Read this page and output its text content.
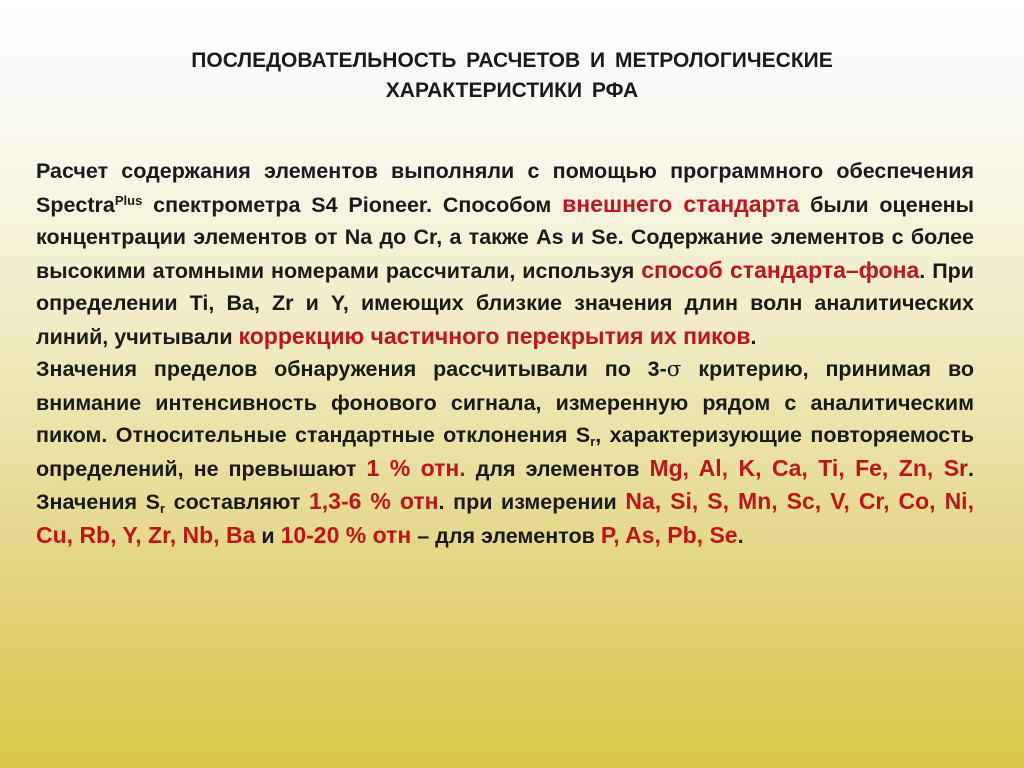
ПОСЛЕДОВАТЕЛЬНОСТЬ РАСЧЕТОВ И МЕТРОЛОГИЧЕСКИЕ
ХАРАКТЕРИСТИКИ РФА

Расчет содержания элементов выполняли с помощью программного обеспечения Spectra$^{Plus}$ спектрометра S4 Pioneer. Способом внешнего стандарта были оценены концентрации элементов от Na до Cr, а также As и Se. Содержание элементов с более высокими атомными номерами рассчитали, используя способ стандарта–фона. При определении Ti, Ba, Zr и Y, имеющих близкие значения длин волн аналитических линий, учитывали коррекцию частичного перекрытия их пиков.

Значения пределов обнаружения рассчитывали по 3-σ критерию, принимая во внимание интенсивность фонового сигнала, измеренную рядом с аналитическим пиком. Относительные стандартные отклонения $S_r$, характеризующие повторяемость определений, не превышают 1 % отн. для элементов Mg, Al, K, Ca, Ti, Fe, Zn, Sr. Значения $S_r$ составляют 1,3-6 % отн. при измерении Na, Si, S, Mn, Sc, V, Cr, Co, Ni, Cu, Rb, Y, Zr, Nb, Ba и 10-20 % отн – для элементов P, As, Pb, Se.
